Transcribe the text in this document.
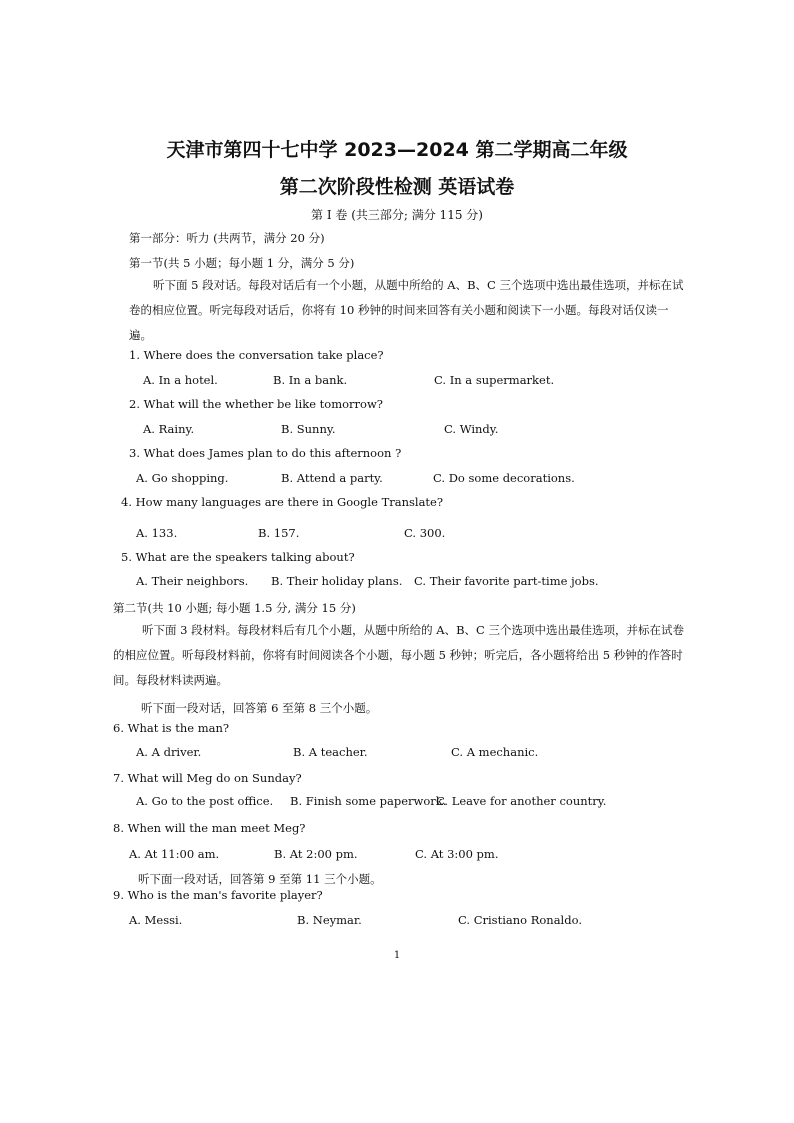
天津市第四十七中学 2023—2024 第二学期高二年级
第二次阶段性检测 英语试卷
第 I 卷 (共三部分; 满分 115 分)
第一部分：听力 (共两节，满分 20 分)
第一节(共 5 小题；每小题 1 分，满分 5 分)
听下面 5 段对话。每段对话后有一个小题，从题中所给的 A、B、C 三个选项中选出最佳选项，并标在试卷的相应位置。听完每段对话后，你将有 10 秒钟的时间来回答有关小题和阅读下一小题。每段对话仅读一遍。
1. Where does the conversation take place?
A. In a hotel.	B. In a bank.	C. In a supermarket.
2. What will the whether be like tomorrow?
A. Rainy.	B. Sunny.	C. Windy.
3. What does James plan to do this afternoon ?
A. Go shopping.	B. Attend a party.	C. Do some decorations.
4. How many languages are there in Google Translate?
A. 133.	B. 157.	C. 300.
5. What are the speakers talking about?
A. Their neighbors. B. Their holiday plans. C. Their favorite part-time jobs.
第二节(共 10 小题; 每小题 1.5 分, 满分 15 分)
听下面 3 段材料。每段材料后有几个小题，从题中所给的 A、B、C 三个选项中选出最佳选项，并标在试卷的相应位置。听每段材料前，你将有时间阅读各个小题，每小题 5 秒钟；听完后，各小题将给出 5 秒钟的作答时间。每段材料读两遍。
听下面一段对话，回答第 6 至第 8 三个小题。
6. What is the man?
A. A driver.	B. A teacher.	C. A mechanic.
7. What will Meg do on Sunday?
A. Go to the post office. B. Finish some paperwork.
C. Leave for another country.
8. When will the man meet Meg?
A. At 11:00 am.	B. At 2:00 pm.	C. At 3:00 pm.
听下面一段对话，回答第 9 至第 11 三个小题。
9. Who is the man's favorite player?
A. Messi.	B. Neymar.	C. Cristiano Ronaldo.
1
